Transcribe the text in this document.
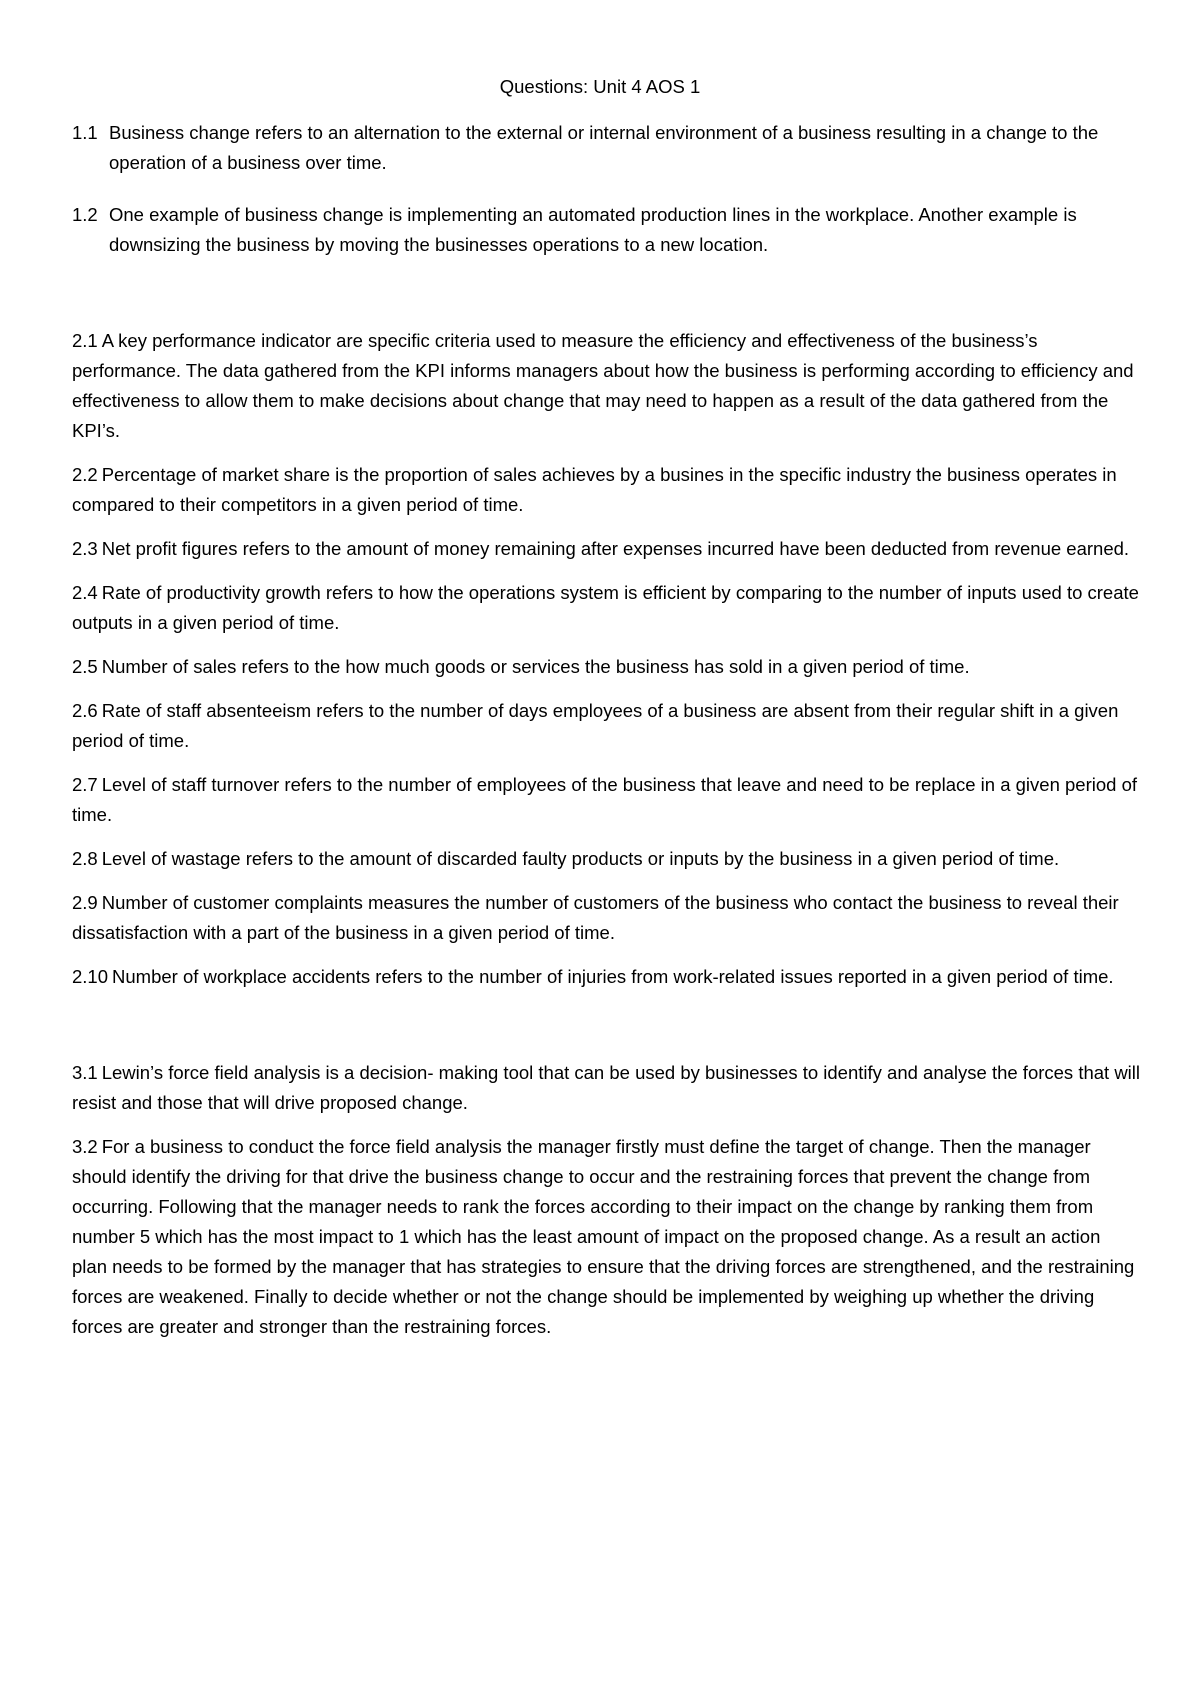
Questions: Unit 4 AOS 1
1.1 Business change refers to an alternation to the external or internal environment of a business resulting in a change to the operation of a business over time.
1.2 One example of business change is implementing an automated production lines in the workplace. Another example is downsizing the business by moving the businesses operations to a new location.

2.1 A key performance indicator are specific criteria used to measure the efficiency and effectiveness of the business’s performance. The data gathered from the KPI informs managers about how the business is performing according to efficiency and effectiveness to allow them to make decisions about change that may need to happen as a result of the data gathered from the KPI’s.

2.2 Percentage of market share is the proportion of sales achieves by a busines in the specific industry the business operates in compared to their competitors in a given period of time.

2.3 Net profit figures refers to the amount of money remaining after expenses incurred have been deducted from revenue earned.

2.4 Rate of productivity growth refers to how the operations system is efficient by comparing to the number of inputs used to create outputs in a given period of time.

2.5 Number of sales refers to the how much goods or services the business has sold in a given period of time.

2.6 Rate of staff absenteeism refers to the number of days employees of a business are absent from their regular shift in a given period of time.

2.7 Level of staff turnover refers to the number of employees of the business that leave and need to be replace in a given period of time.

2.8 Level of wastage refers to the amount of discarded faulty products or inputs by the business in a given period of time.

2.9 Number of customer complaints measures the number of customers of the business who contact the business to reveal their dissatisfaction with a part of the business in a given period of time.

2.10 Number of workplace accidents refers to the number of injuries from work-related issues reported in a given period of time.

3.1 Lewin’s force field analysis is a decision- making tool that can be used by businesses to identify and analyse the forces that will resist and those that will drive proposed change.

3.2 For a business to conduct the force field analysis the manager firstly must define the target of change. Then the manager should identify the driving for that drive the business change to occur and the restraining forces that prevent the change from occurring. Following that the manager needs to rank the forces according to their impact on the change by ranking them from number 5 which has the most impact to 1 which has the least amount of impact on the proposed change. As a result an action plan needs to be formed by the manager that has strategies to ensure that the driving forces are strengthened, and the restraining forces are weakened. Finally to decide whether or not the change should be implemented by weighing up whether the driving forces are greater and stronger than the restraining forces.
